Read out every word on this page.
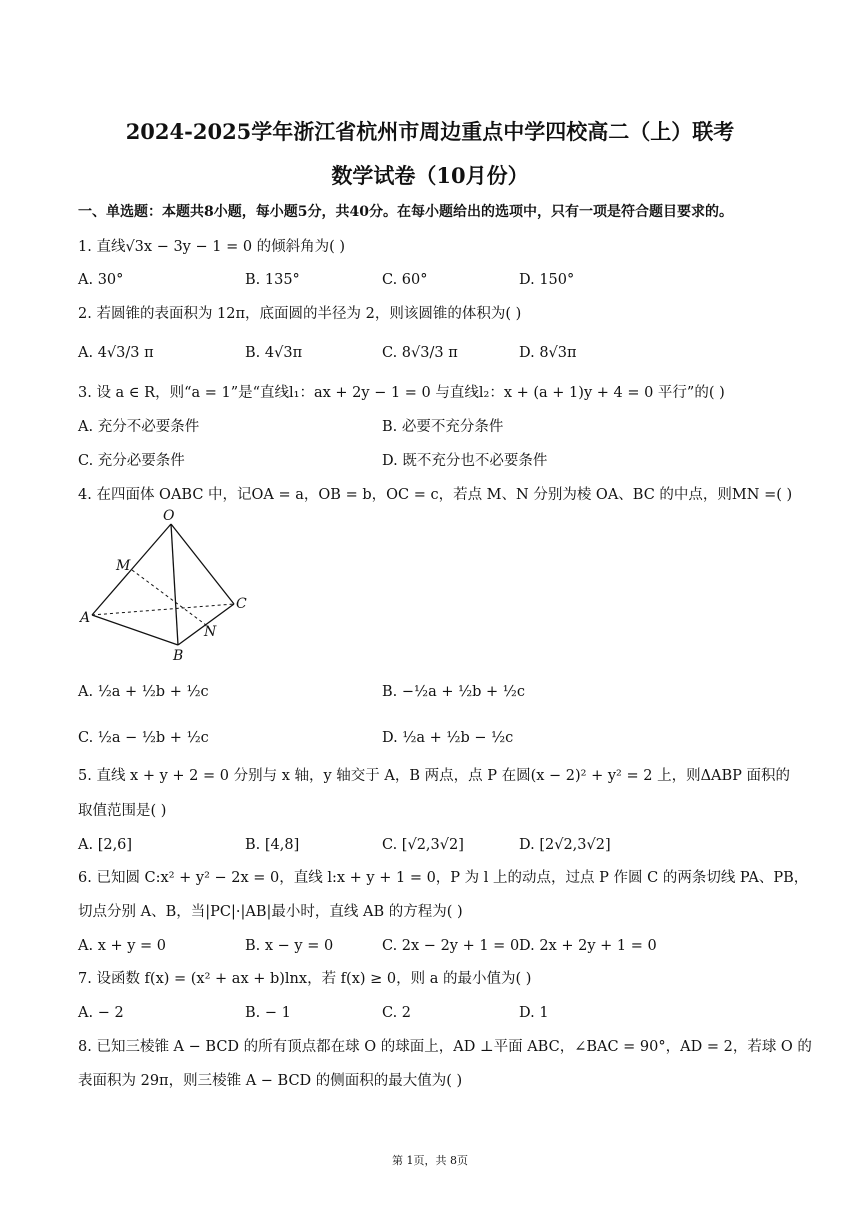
2024-2025学年浙江省杭州市周边重点中学四校高二（上）联考
数学试卷（10月份）
一、单选题：本题共8小题，每小题5分，共40分。在每小题给出的选项中，只有一项是符合题目要求的。
1. 直线√3x − 3y − 1 = 0 的倾斜角为( )
A. 30°	B. 135°	C. 60°	D. 150°
2. 若圆锥的表面积为 12π，底面圆的半径为 2，则该圆锥的体积为( )
A. 4√3/3 π	B. 4√3π	C. 8√3/3 π	D. 8√3π
3. 设 a ∈ R，则“a = 1”是“直线l₁：ax + 2y − 1 = 0 与直线l₂：x + (a + 1)y + 4 = 0 平行”的( )
A. 充分不必要条件	B. 必要不充分条件
C. 充分必要条件	D. 既不充分也不必要条件
4. 在四面体 OABC 中，记OA = a，OB = b，OC = c，若点 M、N 分别为棱 OA、BC 的中点，则MN =( )
O
M
A
C
N
B
A. ½a + ½b + ½c	B. −½a + ½b + ½c
C. ½a − ½b + ½c	D. ½a + ½b − ½c
5. 直线 x + y + 2 = 0 分别与 x 轴，y 轴交于 A，B 两点，点 P 在圆(x − 2)² + y² = 2 上，则ΔABP 面积的
取值范围是( )
A. [2,6]	B. [4,8]	C. [√2,3√2]	D. [2√2,3√2]
6. 已知圆 C:x² + y² − 2x = 0，直线 l:x + y + 1 = 0，P 为 l 上的动点，过点 P 作圆 C 的两条切线 PA、PB，
切点分别 A、B，当|PC|·|AB|最小时，直线 AB 的方程为( )
A. x + y = 0	B. x − y = 0	C. 2x − 2y + 1 = 0 D. 2x + 2y + 1 = 0
7. 设函数 f(x) = (x² + ax + b)lnx，若 f(x) ≥ 0，则 a 的最小值为( )
A. − 2	B. − 1	C. 2	D. 1
8. 已知三棱锥 A − BCD 的所有顶点都在球 O 的球面上，AD ⊥平面 ABC，∠BAC = 90°，AD = 2，若球 O 的
表面积为 29π，则三棱锥 A − BCD 的侧面积的最大值为( )
第 1页，共 8页
